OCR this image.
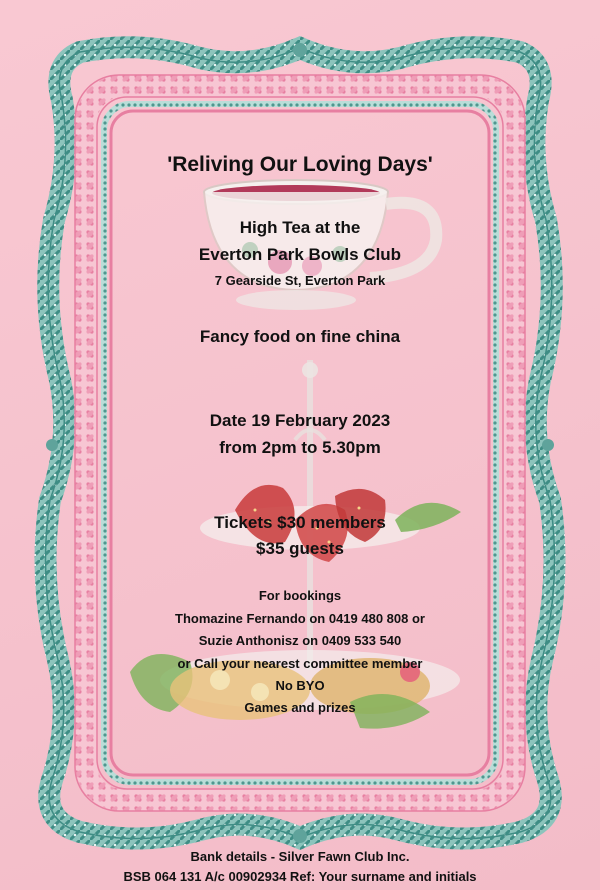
'Reliving Our Loving Days'

High Tea at the

Everton Park Bowls Club

7 Gearside St, Everton Park

Fancy food on fine china

Date 19 February 2023

from 2pm to 5.30pm

Tickets $30 members

$35 guests

For bookings

Thomazine Fernando on 0419 480 808 or

Suzie Anthonisz on 0409 533 540

or Call your nearest committee member

No BYO

Games and prizes

Bank details - Silver Fawn Club Inc.

BSB 064 131 A/c 00902934 Ref: Your surname and initials
